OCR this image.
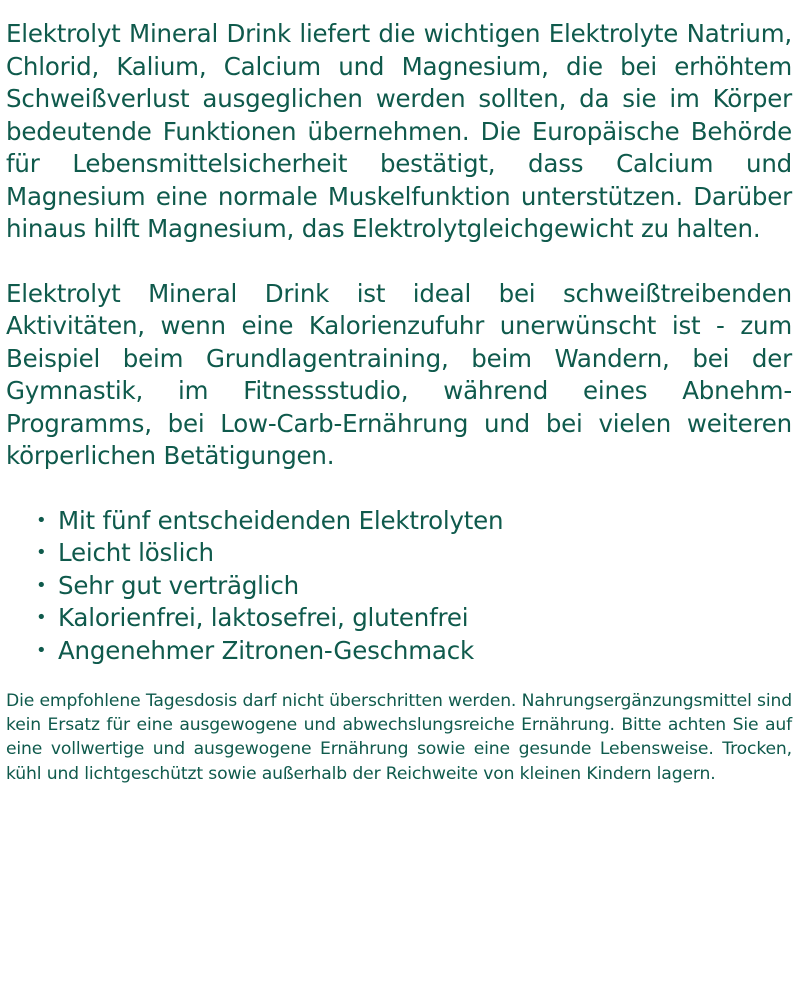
Elektrolyt Mineral Drink liefert die wichtigen Elektrolyte Natrium, Chlorid, Kalium, Calcium und Magnesium, die bei erhöhtem Schweißverlust ausgeglichen werden sollten, da sie im Körper bedeutende Funktionen übernehmen. Die Europäische Behörde für Lebensmittelsicherheit bestätigt, dass Calcium und Magnesium eine normale Muskelfunktion unterstützen. Darüber hinaus hilft Magnesium, das Elektrolytgleichgewicht zu halten.

Elektrolyt Mineral Drink ist ideal bei schweißtreibenden Aktivitäten, wenn eine Kalorienzufuhr unerwünscht ist - zum Beispiel beim Grundlagentraining, beim Wandern, bei der Gymnastik, im Fitnessstudio, während eines Abnehm-Programms, bei Low-Carb-Ernährung und bei vielen weiteren körperlichen Betätigungen.

• Mit fünf entscheidenden Elektrolyten
• Leicht löslich
• Sehr gut verträglich
• Kalorienfrei, laktosefrei, glutenfrei
• Angenehmer Zitronen-Geschmack

Die empfohlene Tagesdosis darf nicht überschritten werden. Nahrungsergänzungsmittel sind kein Ersatz für eine ausgewogene und abwechslungsreiche Ernährung. Bitte achten Sie auf eine vollwertige und ausgewogene Ernährung sowie eine gesunde Lebensweise. Trocken, kühl und lichtgeschützt sowie außerhalb der Reichweite von kleinen Kindern lagern.
